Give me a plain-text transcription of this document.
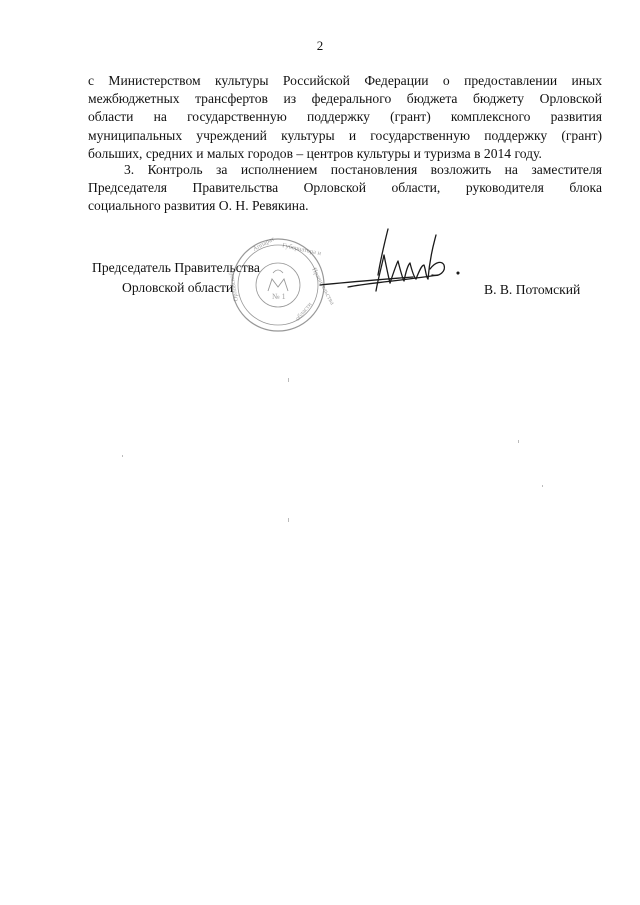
2
с Министерством культуры Российской Федерации о предоставлении иных
межбюджетных трансфертов из федерального бюджета бюджету Орловской
области на государственную поддержку (грант) комплексного развития
муниципальных учреждений культуры и государственную поддержку (грант)
больших, средних и малых городов – центров культуры и туризма в 2014 году.
3. Контроль за исполнением постановления возложить на заместителя
Председателя Правительства Орловской области, руководителя блока
социального развития О. Н. Ревякина.
Председатель Правительства
Орловской области	В. В. Потомский
Аппарат Губернатора и
Правительства
области
Орловской	№ 1
